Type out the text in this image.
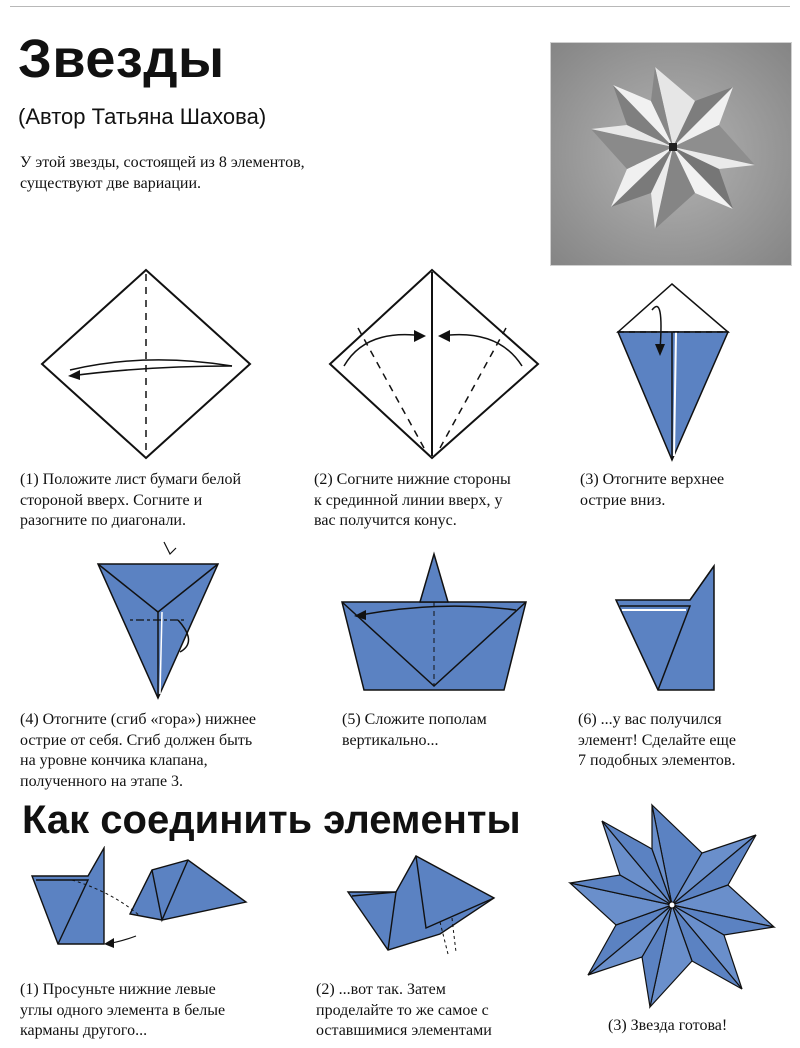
Звезды
(Автор Татьяна Шахова)
У этой звезды, состоящей из 8 элементов,
существуют две вариации.
(1) Положите лист бумаги белой
стороной вверх. Согните и
разогните по диагонали.
(2) Согните нижние стороны
к срединной линии вверх, у
вас получится конус.
(3) Отогните верхнее
острие вниз.
(4) Отогните (сгиб «гора») нижнее
острие от себя. Сгиб должен быть
на уровне кончика клапана,
полученного на этапе 3.
(5) Сложите пополам
вертикально...
(6) ...у вас получился
элемент! Сделайте еще
7 подобных элементов.
Как соединить элементы
(1) Просуньте нижние левые
углы одного элемента в белые
карманы другого...
(2) ...вот так. Затем
проделайте то же самое с
оставшимися элементами	(3) Звезда готова!
